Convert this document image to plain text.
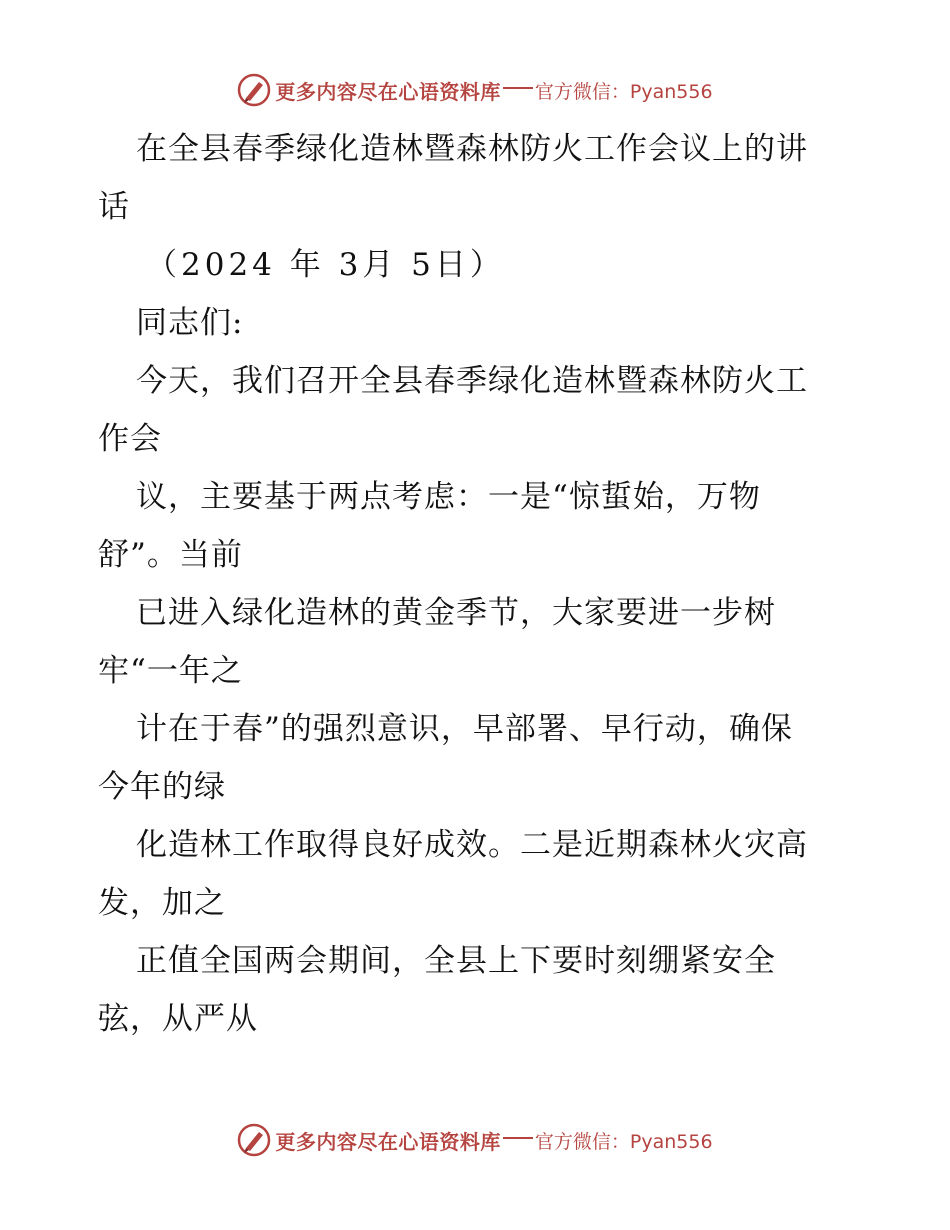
更多内容尽在心语资料库 官方微信：Pyan556
在全县春季绿化造林暨森林防火工作会议上的讲
话
（2024 年 3月 5日）
同志们:
今天，我们召开全县春季绿化造林暨森林防火工
作会
议，主要基于两点考虑：一是“惊蜇始，万物
舒”。当前
已进入绿化造林的黄金季节，大家要进一步树
牢“一年之
计在于春”的强烈意识，早部署、早行动，确保
今年的绿
化造林工作取得良好成效。二是近期森林火灾高
发，加之
正值全国两会期间，全县上下要时刻绷紧安全
弦，从严从
更多内容尽在心语资料库 官方微信：Pyan556
